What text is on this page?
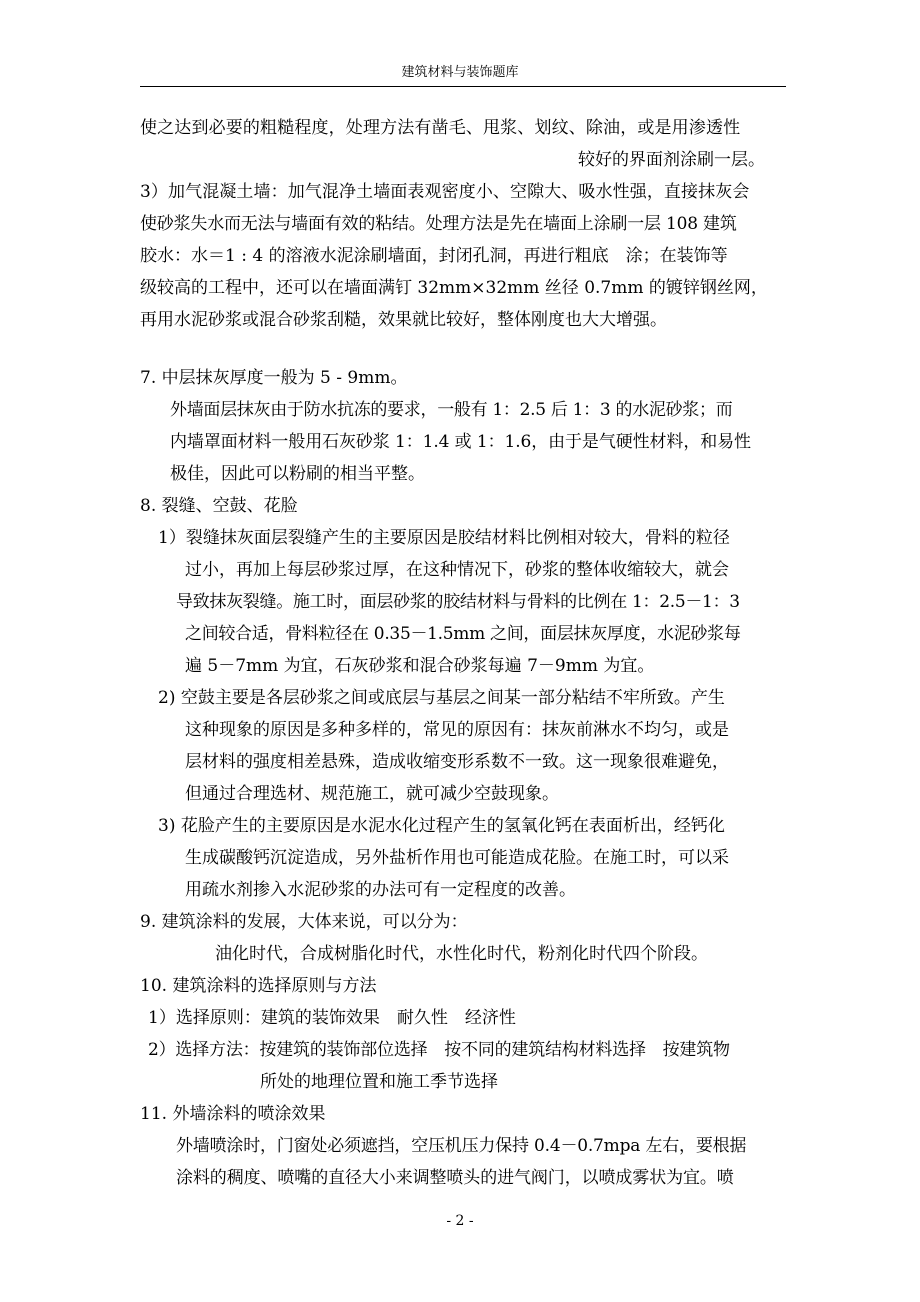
建筑材料与装饰题库
使之达到必要的粗糙程度，处理方法有凿毛、甩浆、划纹、除油，或是用渗透性
较好的界面剂涂刷一层。
3）加气混凝土墙：加气混净土墙面表观密度小、空隙大、吸水性强，直接抹灰会
使砂浆失水而无法与墙面有效的粘结。处理方法是先在墙面上涂刷一层 108 建筑
胶水：水＝1 : 4 的溶液水泥涂刷墙面，封闭孔洞，再进行粗底　涂；在装饰等
级较高的工程中，还可以在墙面满钉 32mm×32mm 丝径 0.7mm 的镀锌钢丝网，
再用水泥砂浆或混合砂浆刮糙，效果就比较好，整体刚度也大大增强。
7. 中层抹灰厚度一般为 5 - 9mm。
外墙面层抹灰由于防水抗冻的要求，一般有 1：2.5 后 1：3 的水泥砂浆；而
内墙罩面材料一般用石灰砂浆 1：1.4 或 1：1.6，由于是气硬性材料，和易性
极佳，因此可以粉刷的相当平整。
8. 裂缝、空鼓、花脸
1）裂缝抹灰面层裂缝产生的主要原因是胶结材料比例相对较大，骨料的粒径
过小，再加上每层砂浆过厚，在这种情况下，砂浆的整体收缩较大，就会
导致抹灰裂缝。施工时，面层砂浆的胶结材料与骨料的比例在 1：2.5－1：3
之间较合适，骨料粒径在 0.35－1.5mm 之间，面层抹灰厚度，水泥砂浆每
遍 5－7mm 为宜，石灰砂浆和混合砂浆每遍 7－9mm 为宜。
2) 空鼓主要是各层砂浆之间或底层与基层之间某一部分粘结不牢所致。产生
这种现象的原因是多种多样的，常见的原因有：抹灰前淋水不均匀，或是
层材料的强度相差悬殊，造成收缩变形系数不一致。这一现象很难避免，
但通过合理选材、规范施工，就可减少空鼓现象。
3) 花脸产生的主要原因是水泥水化过程产生的氢氧化钙在表面析出，经钙化
生成碳酸钙沉淀造成，另外盐析作用也可能造成花脸。在施工时，可以采
用疏水剂掺入水泥砂浆的办法可有一定程度的改善。
9. 建筑涂料的发展，大体来说，可以分为：
油化时代，合成树脂化时代，水性化时代，粉剂化时代四个阶段。
10. 建筑涂料的选择原则与方法
1）选择原则：建筑的装饰效果　耐久性　经济性
2）选择方法：按建筑的装饰部位选择　按不同的建筑结构材料选择　按建筑物
所处的地理位置和施工季节选择
11. 外墙涂料的喷涂效果
外墙喷涂时，门窗处必须遮挡，空压机压力保持 0.4－0.7mpa 左右，要根据
涂料的稠度、喷嘴的直径大小来调整喷头的进气阀门，以喷成雾状为宜。喷
- 2 -
